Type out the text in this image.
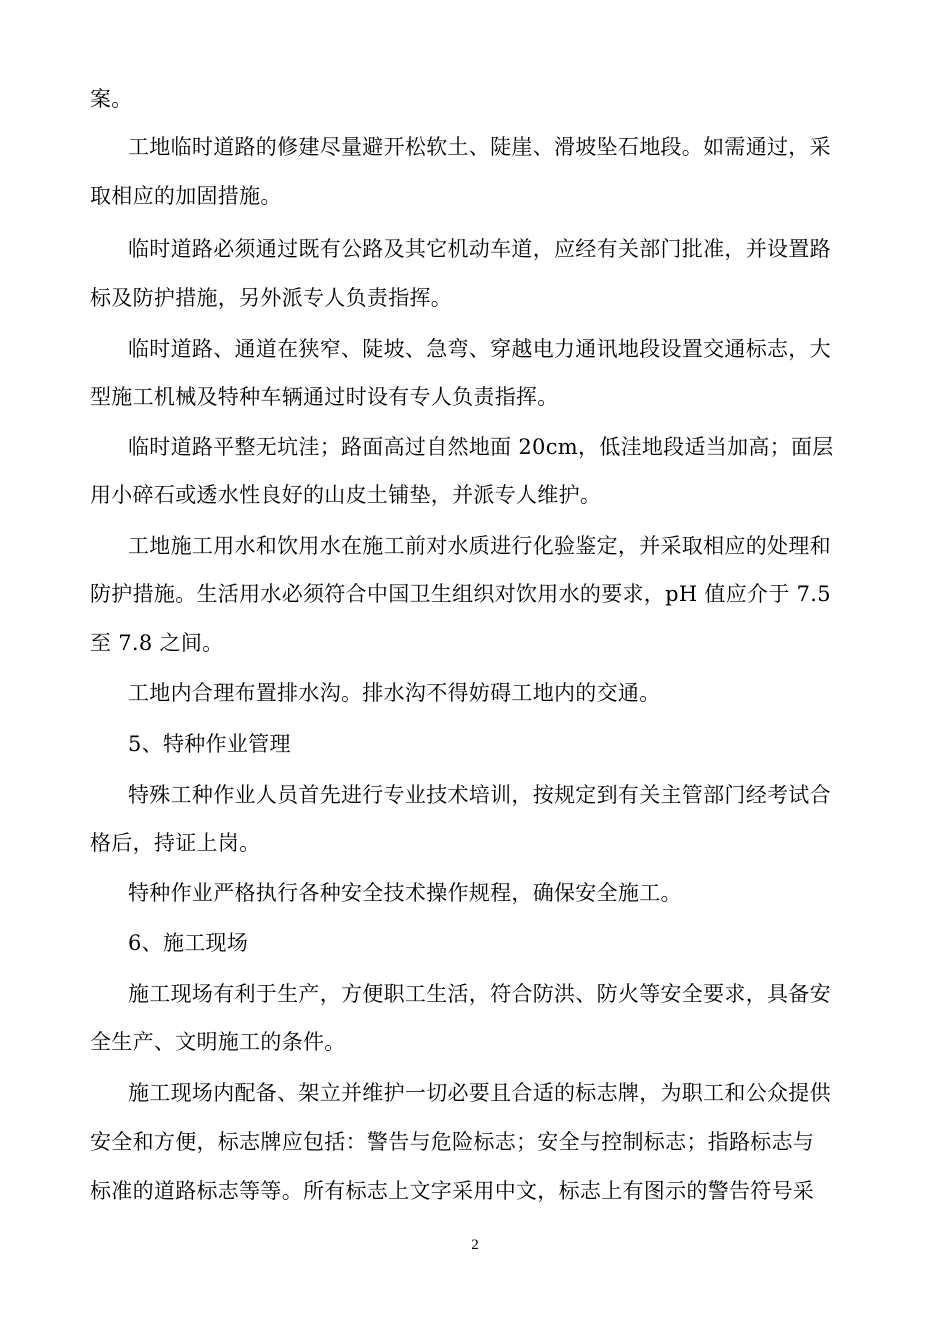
案。
工地临时道路的修建尽量避开松软土、陡崖、滑坡坠石地段。如需通过，采
取相应的加固措施。
临时道路必须通过既有公路及其它机动车道，应经有关部门批准，并设置路
标及防护措施，另外派专人负责指挥。
临时道路、通道在狭窄、陡坡、急弯、穿越电力通讯地段设置交通标志，大
型施工机械及特种车辆通过时设有专人负责指挥。
临时道路平整无坑洼；路面高过自然地面 20cm，低洼地段适当加高；面层
用小碎石或透水性良好的山皮土铺垫，并派专人维护。
工地施工用水和饮用水在施工前对水质进行化验鉴定，并采取相应的处理和
防护措施。生活用水必须符合中国卫生组织对饮用水的要求，pH 值应介于 7.5
至 7.8 之间。
工地内合理布置排水沟。排水沟不得妨碍工地内的交通。
5、特种作业管理
特殊工种作业人员首先进行专业技术培训，按规定到有关主管部门经考试合
格后，持证上岗。
特种作业严格执行各种安全技术操作规程，确保安全施工。
6、施工现场
施工现场有利于生产，方便职工生活，符合防洪、防火等安全要求，具备安
全生产、文明施工的条件。
施工现场内配备、架立并维护一切必要且合适的标志牌，为职工和公众提供
安全和方便，标志牌应包括：警告与危险标志；安全与控制标志；指路标志与
标准的道路标志等等。所有标志上文字采用中文，标志上有图示的警告符号采
2
